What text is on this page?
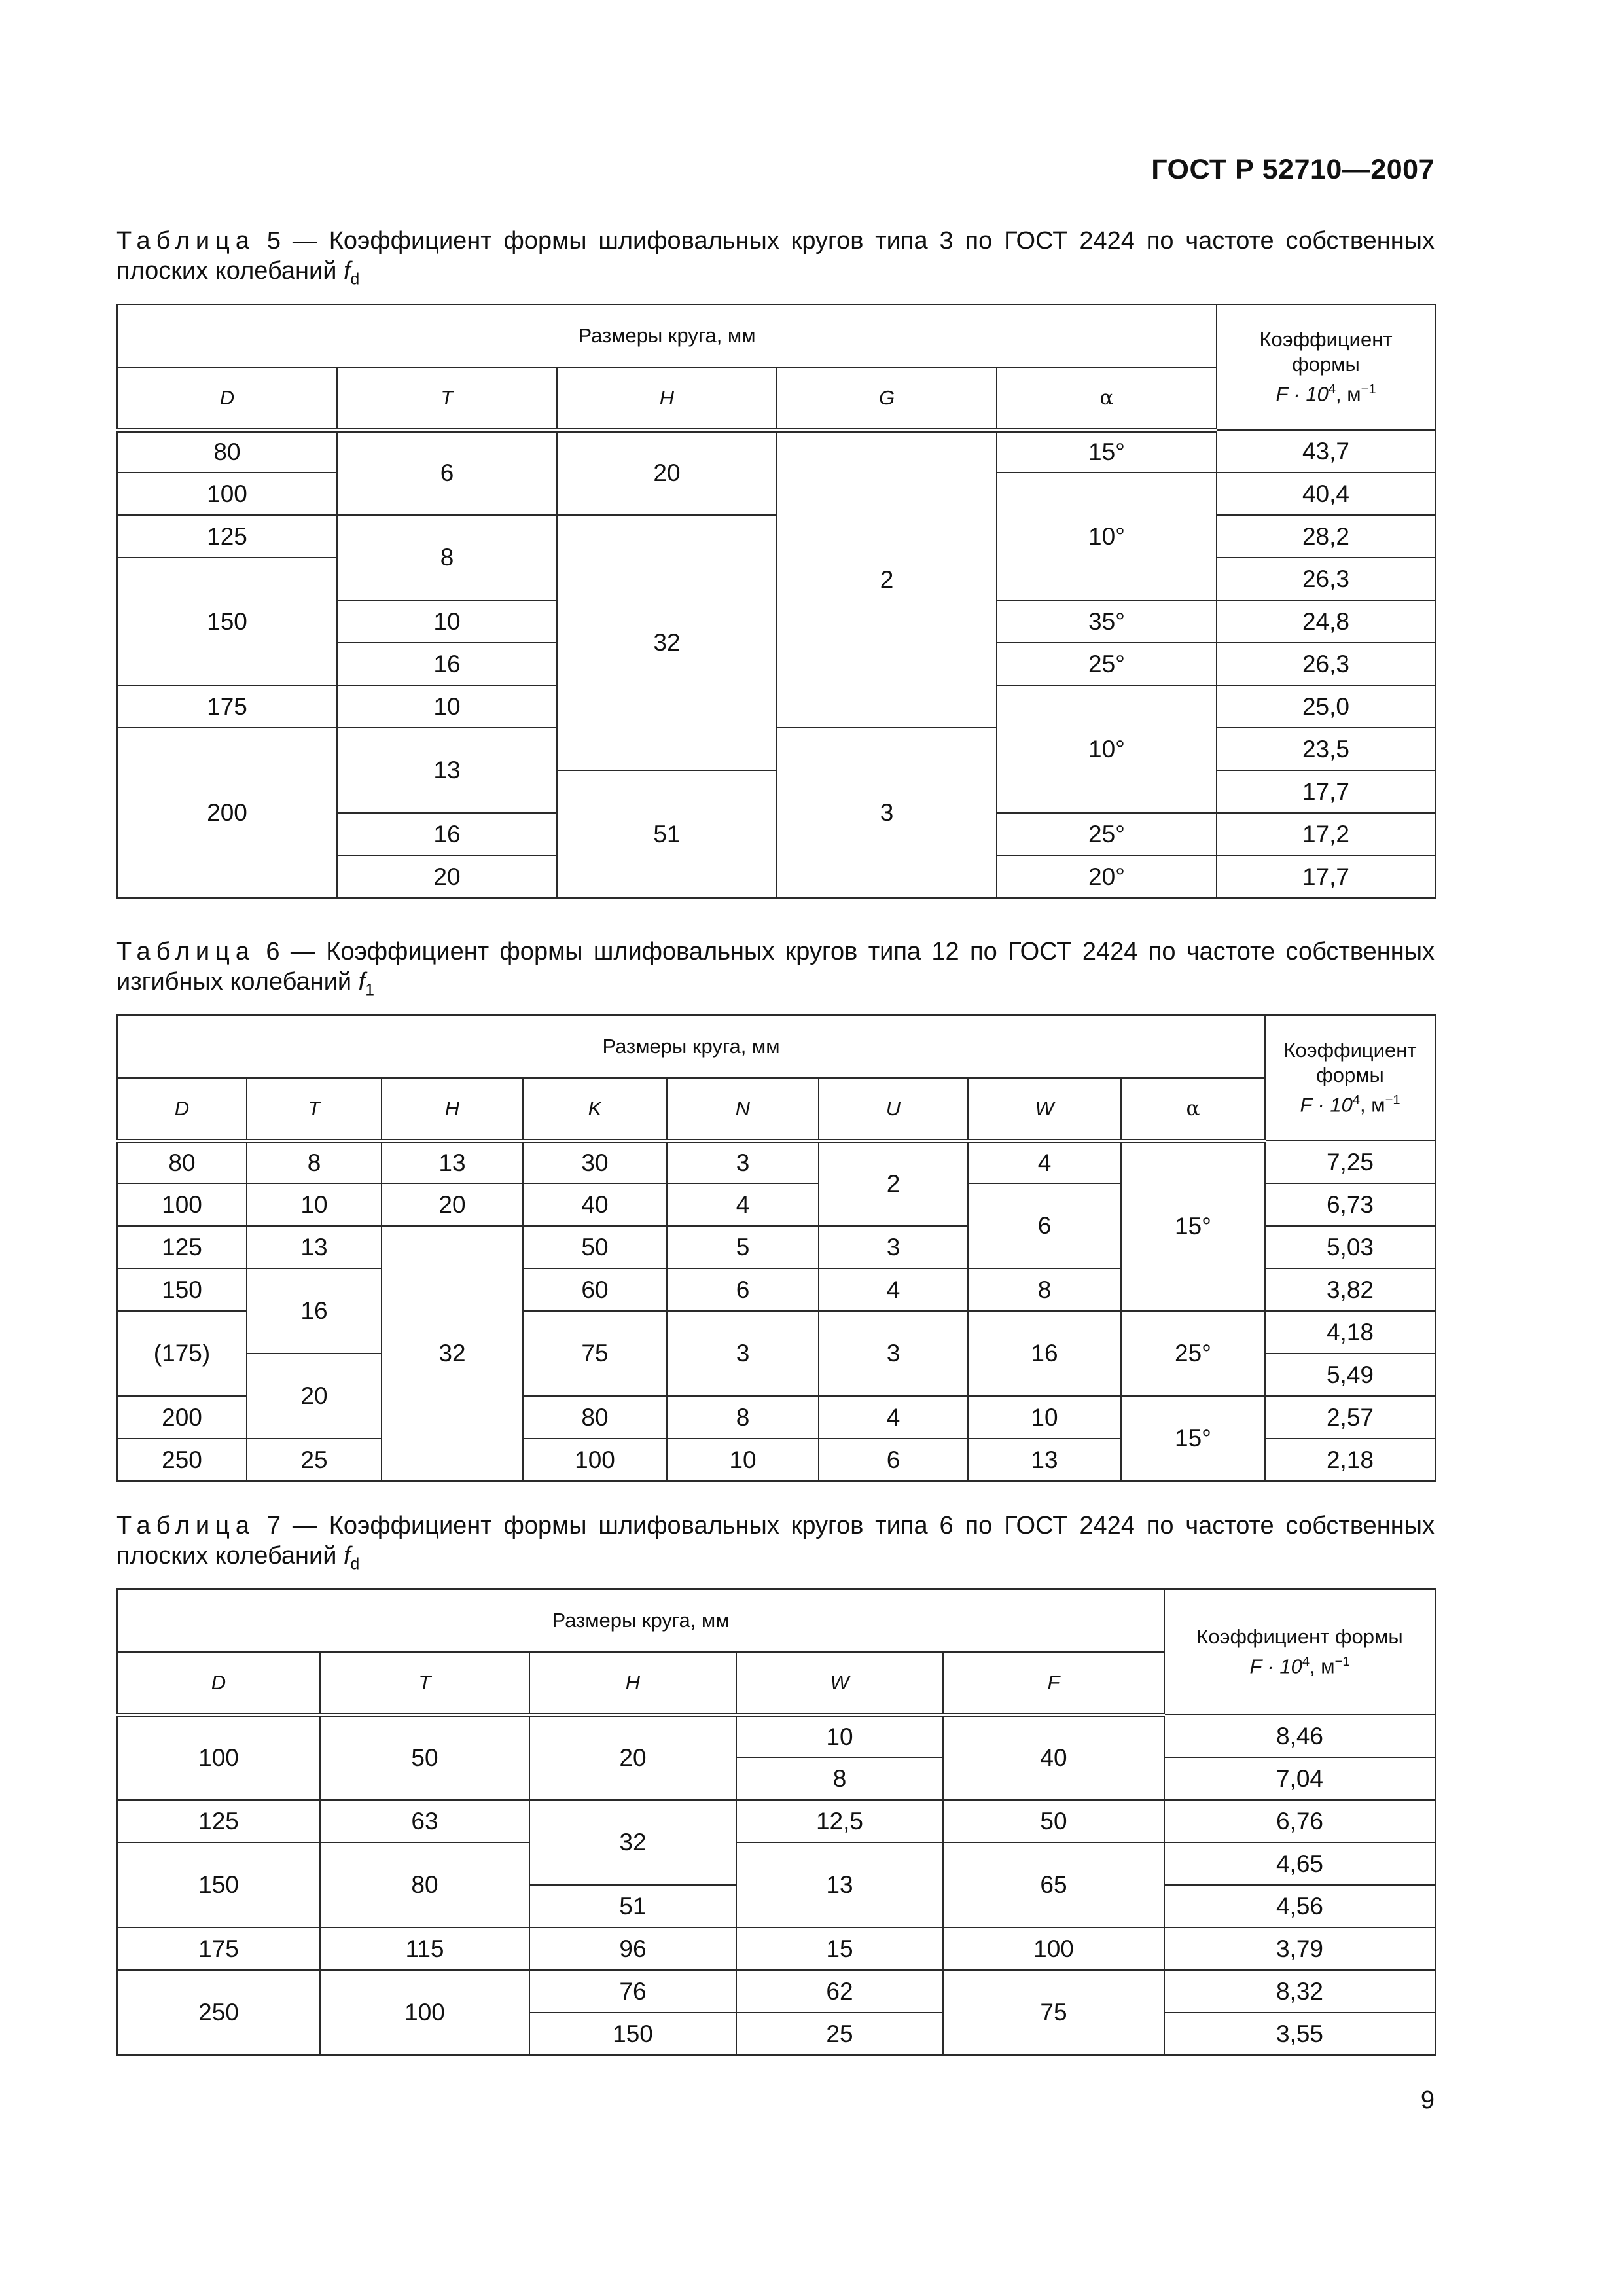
ГОСТ Р 52710—2007
Таблица 5 — Коэффициент формы шлифовальных кругов типа 3 по ГОСТ 2424 по частоте собственных плоских колебаний $f_d$
Размеры круга, мм					Коэффициент
формы
$F \cdot 10^4$, $м^{-1}$
D	T	H	G	α	
80	6	20	2	15°	43,7
100				10°	40,4
125	8	32			28,2
150					26,3
	10			35°	24,8
	16			25°	26,3
175	10			10°	25,0
200	13		3		23,5
		51			17,7
	16			25°	17,2
	20			20°	17,7
Таблица 6 — Коэффициент формы шлифовальных кругов типа 12 по ГОСТ 2424 по частоте собственных изгибных колебаний $f_1$
Размеры круга, мм								Коэффициент
формы
$F \cdot 10^4$, $м^{-1}$
D	T	H	K	N	U	W	α	
80	8	13	30	3	2	4	15°	7,25
100	10	20	40	4		6		6,73
125	13	32	50	5	3			5,03
150	16		60	6	4	8		3,82
(175)			75	3	3	16	25°	4,18
	20							5,49
200			80	8	4	10	15°	2,57
250	25		100	10	6	13		2,18
Таблица 7 — Коэффициент формы шлифовальных кругов типа 6 по ГОСТ 2424 по частоте собственных плоских колебаний $f_d$
Размеры круга, мм					Коэффициент формы
$F \cdot 10^4$, $м^{-1}$
D	T	H	W	F	
100	50	20	10	40	8,46
			8		7,04
125	63	32	12,5	50	6,76
150	80		13	65	4,65
		51			4,56
175	115	96	15	100	3,79
250	100	76	62	75	8,32
		150	25		3,55
9
